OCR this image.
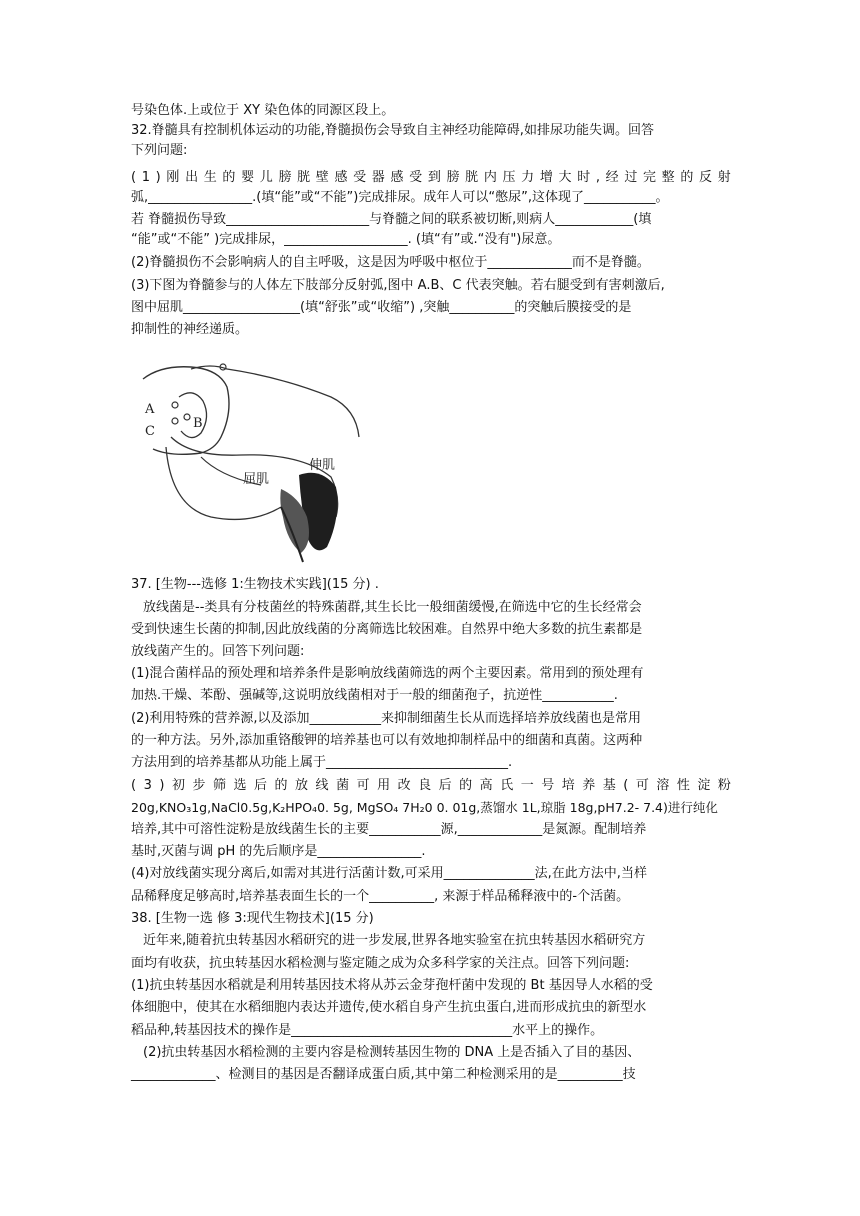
号染色体.上或位于 XY 染色体的同源区段上。
32.脊髓具有控制机体运动的功能,脊髓损伤会导致自主神经功能障碍,如排尿功能失调。回答
下列问题:
( 1 ) 刚 出 生 的 婴 儿 膀 胱 壁 感 受 器 感 受 到 膀 胱 内 压 力 增 大 时 , 经 过 完 整 的 反 射
弧,________________.(填“能”或“不能”)完成排尿。成年人可以“憋尿”,这体现了___________。
若 脊髓损伤导致______________________与脊髓之间的联系被切断,则病人____________(填
“能”或“不能” )完成排尿，___________________. (填“有”或.“没有")尿意。
(2)脊髓损伤不会影响病人的自主呼吸，这是因为呼吸中枢位于_____________而不是脊髓。
(3)下图为脊髓参与的人体左下肢部分反射弧,图中 A.B、C 代表突触。若右腿受到有害刺激后,
图中屈肌__________________(填“舒张”或“收缩”) ,突触__________的突触后膜接受的是
抑制性的神经递质。
37. [生物---选修 1:生物技术实践](15 分) .
放线菌是--类具有分枝菌丝的特殊菌群,其生长比一般细菌缓慢,在筛选中它的生长经常会
受到快速生长菌的抑制,因此放线菌的分离筛选比较困难。自然界中绝大多数的抗生素都是
放线菌产生的。回答下列问题:
(1)混合菌样品的预处理和培养条件是影响放线菌筛选的两个主要因素。常用到的预处理有
加热.干燥、苯酚、强碱等,这说明放线菌相对于一般的细菌孢子，抗逆性___________.
(2)利用特殊的营养源,以及添加___________来抑制细菌生长从而选择培养放线菌也是常用
的一种方法。另外,添加重铬酸钾的培养基也可以有效地抑制样品中的细菌和真菌。这两种
方法用到的培养基都从功能上属于____________________________.
( 3 ) 初 步 筛 选 后 的 放 线 菌 可 用 改 良 后 的 高 氏 一 号 培 养 基 ( 可 溶 性 淀 粉
20g,KNO₃1g,NaCl0.5g,K₂HPO₄0. 5g, MgSO₄ 7H₂0 0. 01g,蒸馏水 1L,琼脂 18g,pH7.2- 7.4)进行纯化
培养,其中可溶性淀粉是放线菌生长的主要___________源,_____________是氮源。配制培养
基时,灭菌与调 pH 的先后顺序是________________.
(4)对放线菌实现分离后,如需对其进行活菌计数,可采用______________法,在此方法中,当样
品稀释度足够高时,培养基表面生长的一个__________, 来源于样品稀释液中的-个活菌。
38. [生物一选 修 3:现代生物技术](15 分)
近年来,随着抗虫转基因水稻研究的进一步发展,世界各地实验室在抗虫转基因水稻研究方
面均有收获，抗虫转基因水稻检测与鉴定随之成为众多科学家的关注点。回答下列问题:
(1)抗虫转基因水稻就是利用转基因技术将从苏云金芽孢杆菌中发现的 Bt 基因导人水稻的受
体细胞中，使其在水稻细胞内表达并遗传,使水稻自身产生抗虫蛋白,进而形成抗虫的新型水
稻品种,转基因技术的操作是__________________________________水平上的操作。
(2)抗虫转基因水稻检测的主要内容是检测转基因生物的 DNA 上是否插入了目的基因、
_____________、检测目的基因是否翻译成蛋白质,其中第二种检测采用的是__________技
A
C
B
伸肌
屈肌
